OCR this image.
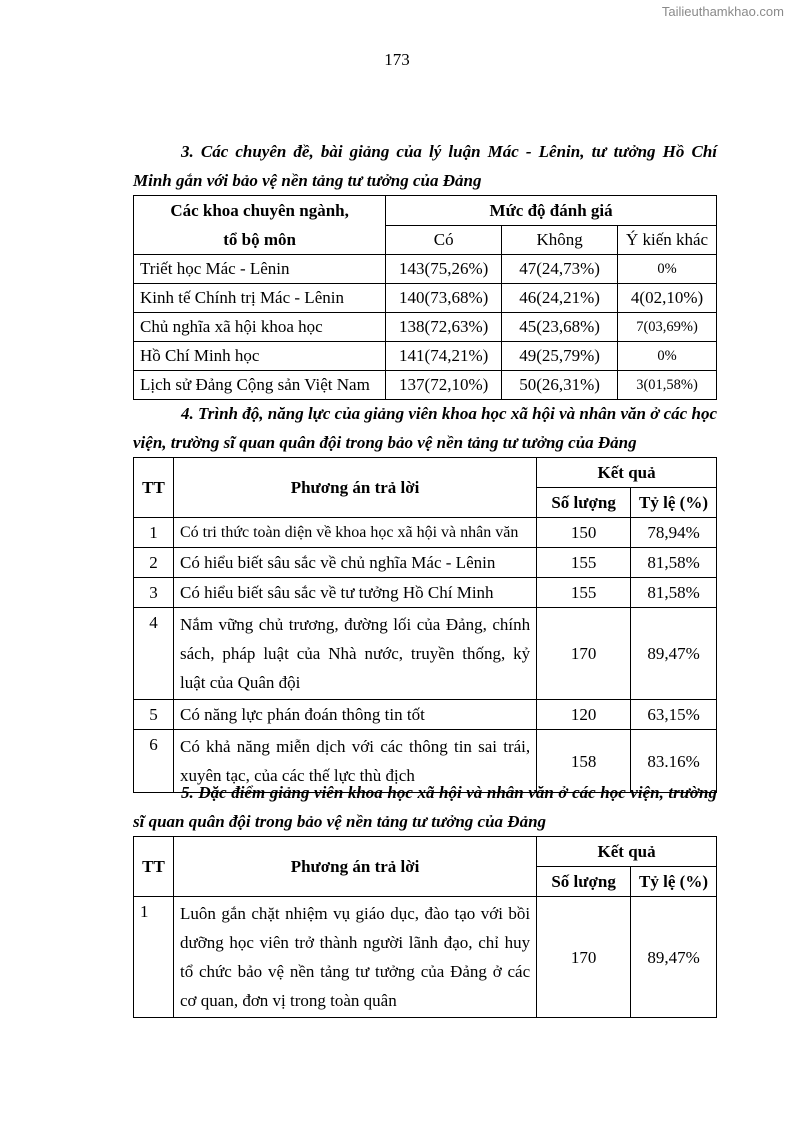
Tailieuthamkhao.com
173

3. Các chuyên đề, bài giảng của lý luận Mác - Lênin, tư tưởng Hồ Chí Minh gắn với bảo vệ nền tảng tư tưởng của Đảng

Các khoa chuyên ngành,	Mức độ đánh giá		
tổ bộ môn	Có	Không	Ý kiến khác
Triết học Mác - Lênin	143(75,26%)	47(24,73%)	0%
Kinh tế Chính trị Mác - Lênin	140(73,68%)	46(24,21%)	4(02,10%)
Chủ nghĩa xã hội khoa học	138(72,63%)	45(23,68%)	7(03,69%)
Hồ Chí Minh học	141(74,21%)	49(25,79%)	0%
Lịch sử Đảng Cộng sản Việt Nam	137(72,10%)	50(26,31%)	3(01,58%)

4. Trình độ, năng lực của giảng viên khoa học xã hội và nhân văn ở các học viện, trường sĩ quan quân đội trong bảo vệ nền tảng tư tưởng của Đảng

TT	Phương án trả lời	Kết quả	
		Số lượng	Tỷ lệ (%)
1	Có tri thức toàn diện về khoa học xã hội và nhân văn	150	78,94%
2	Có hiểu biết sâu sắc về chủ nghĩa Mác - Lênin	155	81,58%
3	Có hiểu biết sâu sắc về tư tưởng Hồ Chí Minh	155	81,58%
4	Nắm vững chủ trương, đường lối của Đảng, chính sách, pháp luật của Nhà nước, truyền thống, kỷ luật của Quân đội	170	89,47%
5	Có năng lực phán đoán thông tin tốt	120	63,15%
6	Có khả năng miễn dịch với các thông tin sai trái, xuyên tạc, của các thế lực thù địch	158	83.16%

5. Đặc điểm giảng viên khoa học xã hội và nhân văn ở các học viện, trường sĩ quan quân đội trong bảo vệ nền tảng tư tưởng của Đảng

TT	Phương án trả lời	Kết quả	
		Số lượng	Tỷ lệ (%)
1	Luôn gắn chặt nhiệm vụ giáo dục, đào tạo với bồi dưỡng học viên trở thành người lãnh đạo, chỉ huy tổ chức bảo vệ nền tảng tư tưởng của Đảng ở các cơ quan, đơn vị trong toàn quân	170	89,47%
